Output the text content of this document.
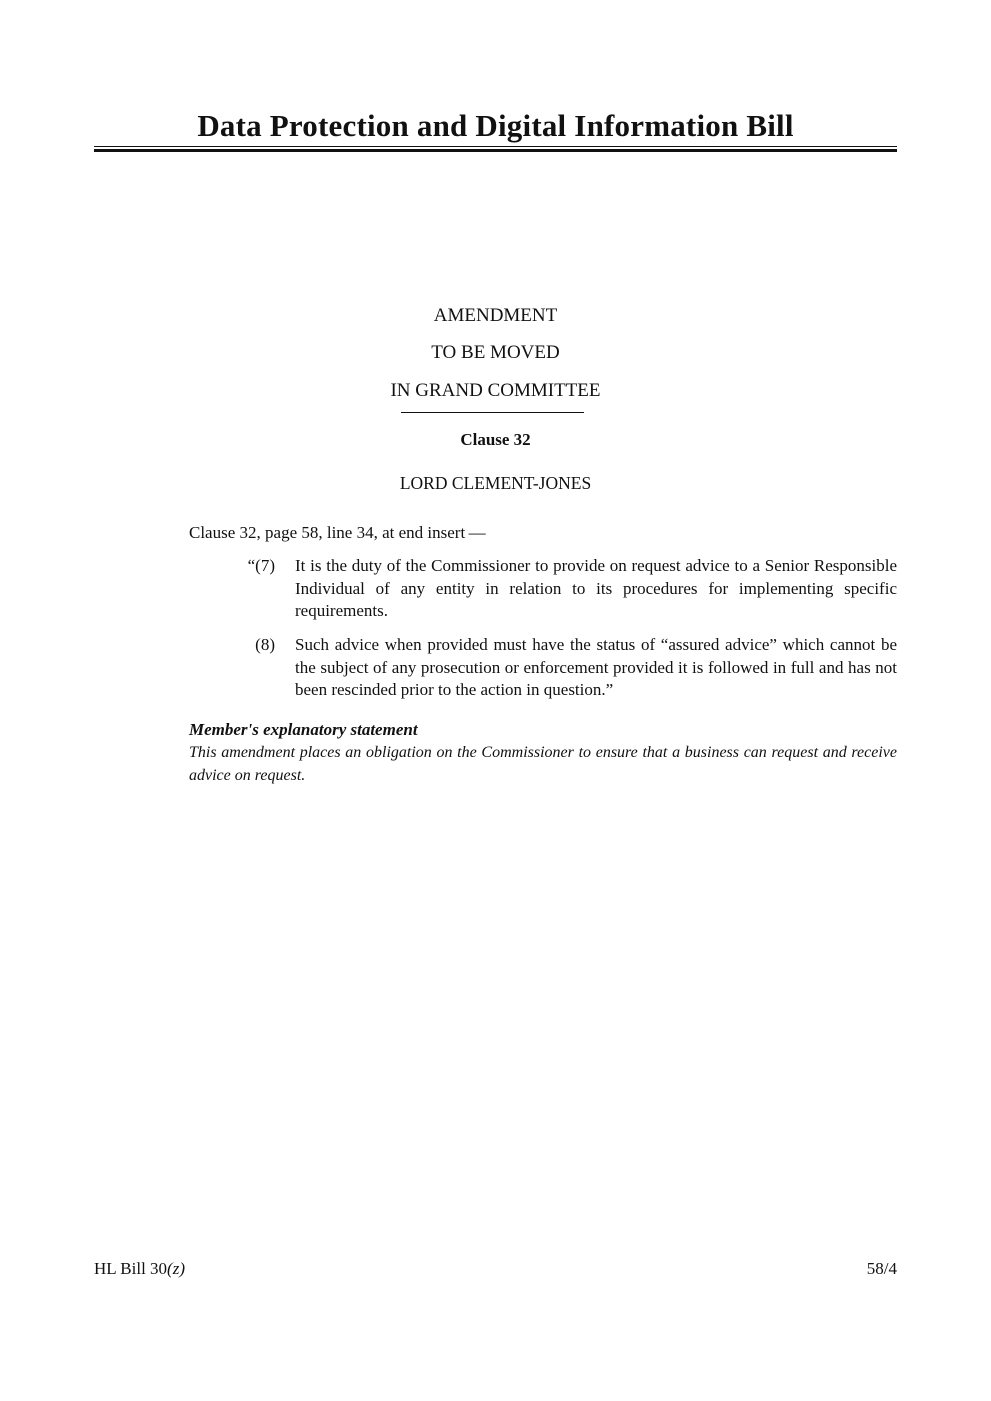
Data Protection and Digital Information Bill
AMENDMENT
TO BE MOVED
IN GRAND COMMITTEE
Clause 32
LORD CLEMENT-JONES
Clause 32, page 58, line 34, at end insert —
“(7) It is the duty of the Commissioner to provide on request advice to a Senior Responsible Individual of any entity in relation to its procedures for implementing specific requirements.
(8) Such advice when provided must have the status of “assured advice” which cannot be the subject of any prosecution or enforcement provided it is followed in full and has not been rescinded prior to the action in question.”
Member's explanatory statement
This amendment places an obligation on the Commissioner to ensure that a business can request and receive advice on request.
HL Bill 30(z)	58/4
